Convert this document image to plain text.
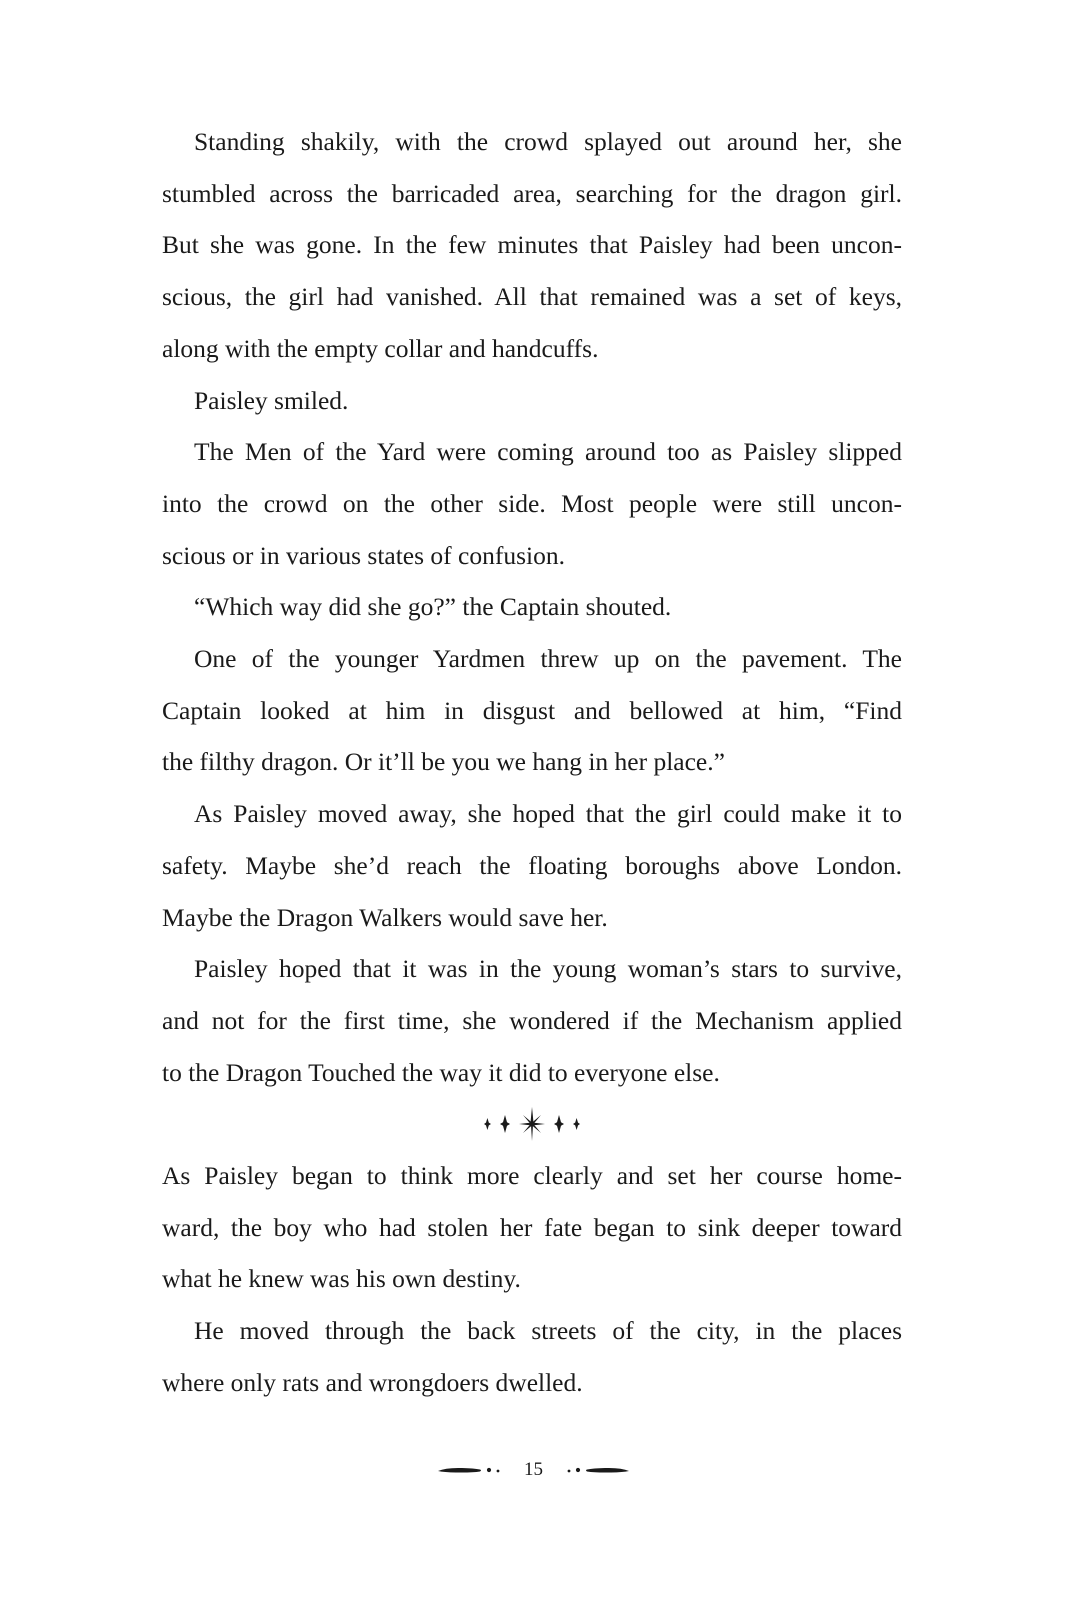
Standing shakily, with the crowd splayed out around her, she
stumbled across the barricaded area, searching for the dragon girl.
But she was gone. In the few minutes that Paisley had been uncon-
scious, the girl had vanished. All that remained was a set of keys,
along with the empty collar and handcuffs.
Paisley smiled.
The Men of the Yard were coming around too as Paisley slipped
into the crowd on the other side. Most people were still uncon-
scious or in various states of confusion.
“Which way did she go?” the Captain shouted.
One of the younger Yardmen threw up on the pavement. The
Captain looked at him in disgust and bellowed at him, “Find
the filthy dragon. Or it’ll be you we hang in her place.”
As Paisley moved away, she hoped that the girl could make it to
safety. Maybe she’d reach the floating boroughs above London.
Maybe the Dragon Walkers would save her.
Paisley hoped that it was in the young woman’s stars to survive,
and not for the first time, she wondered if the Mechanism applied
to the Dragon Touched the way it did to everyone else.
As Paisley began to think more clearly and set her course home-
ward, the boy who had stolen her fate began to sink deeper toward
what he knew was his own destiny.
He moved through the back streets of the city, in the places
where only rats and wrongdoers dwelled.
15
